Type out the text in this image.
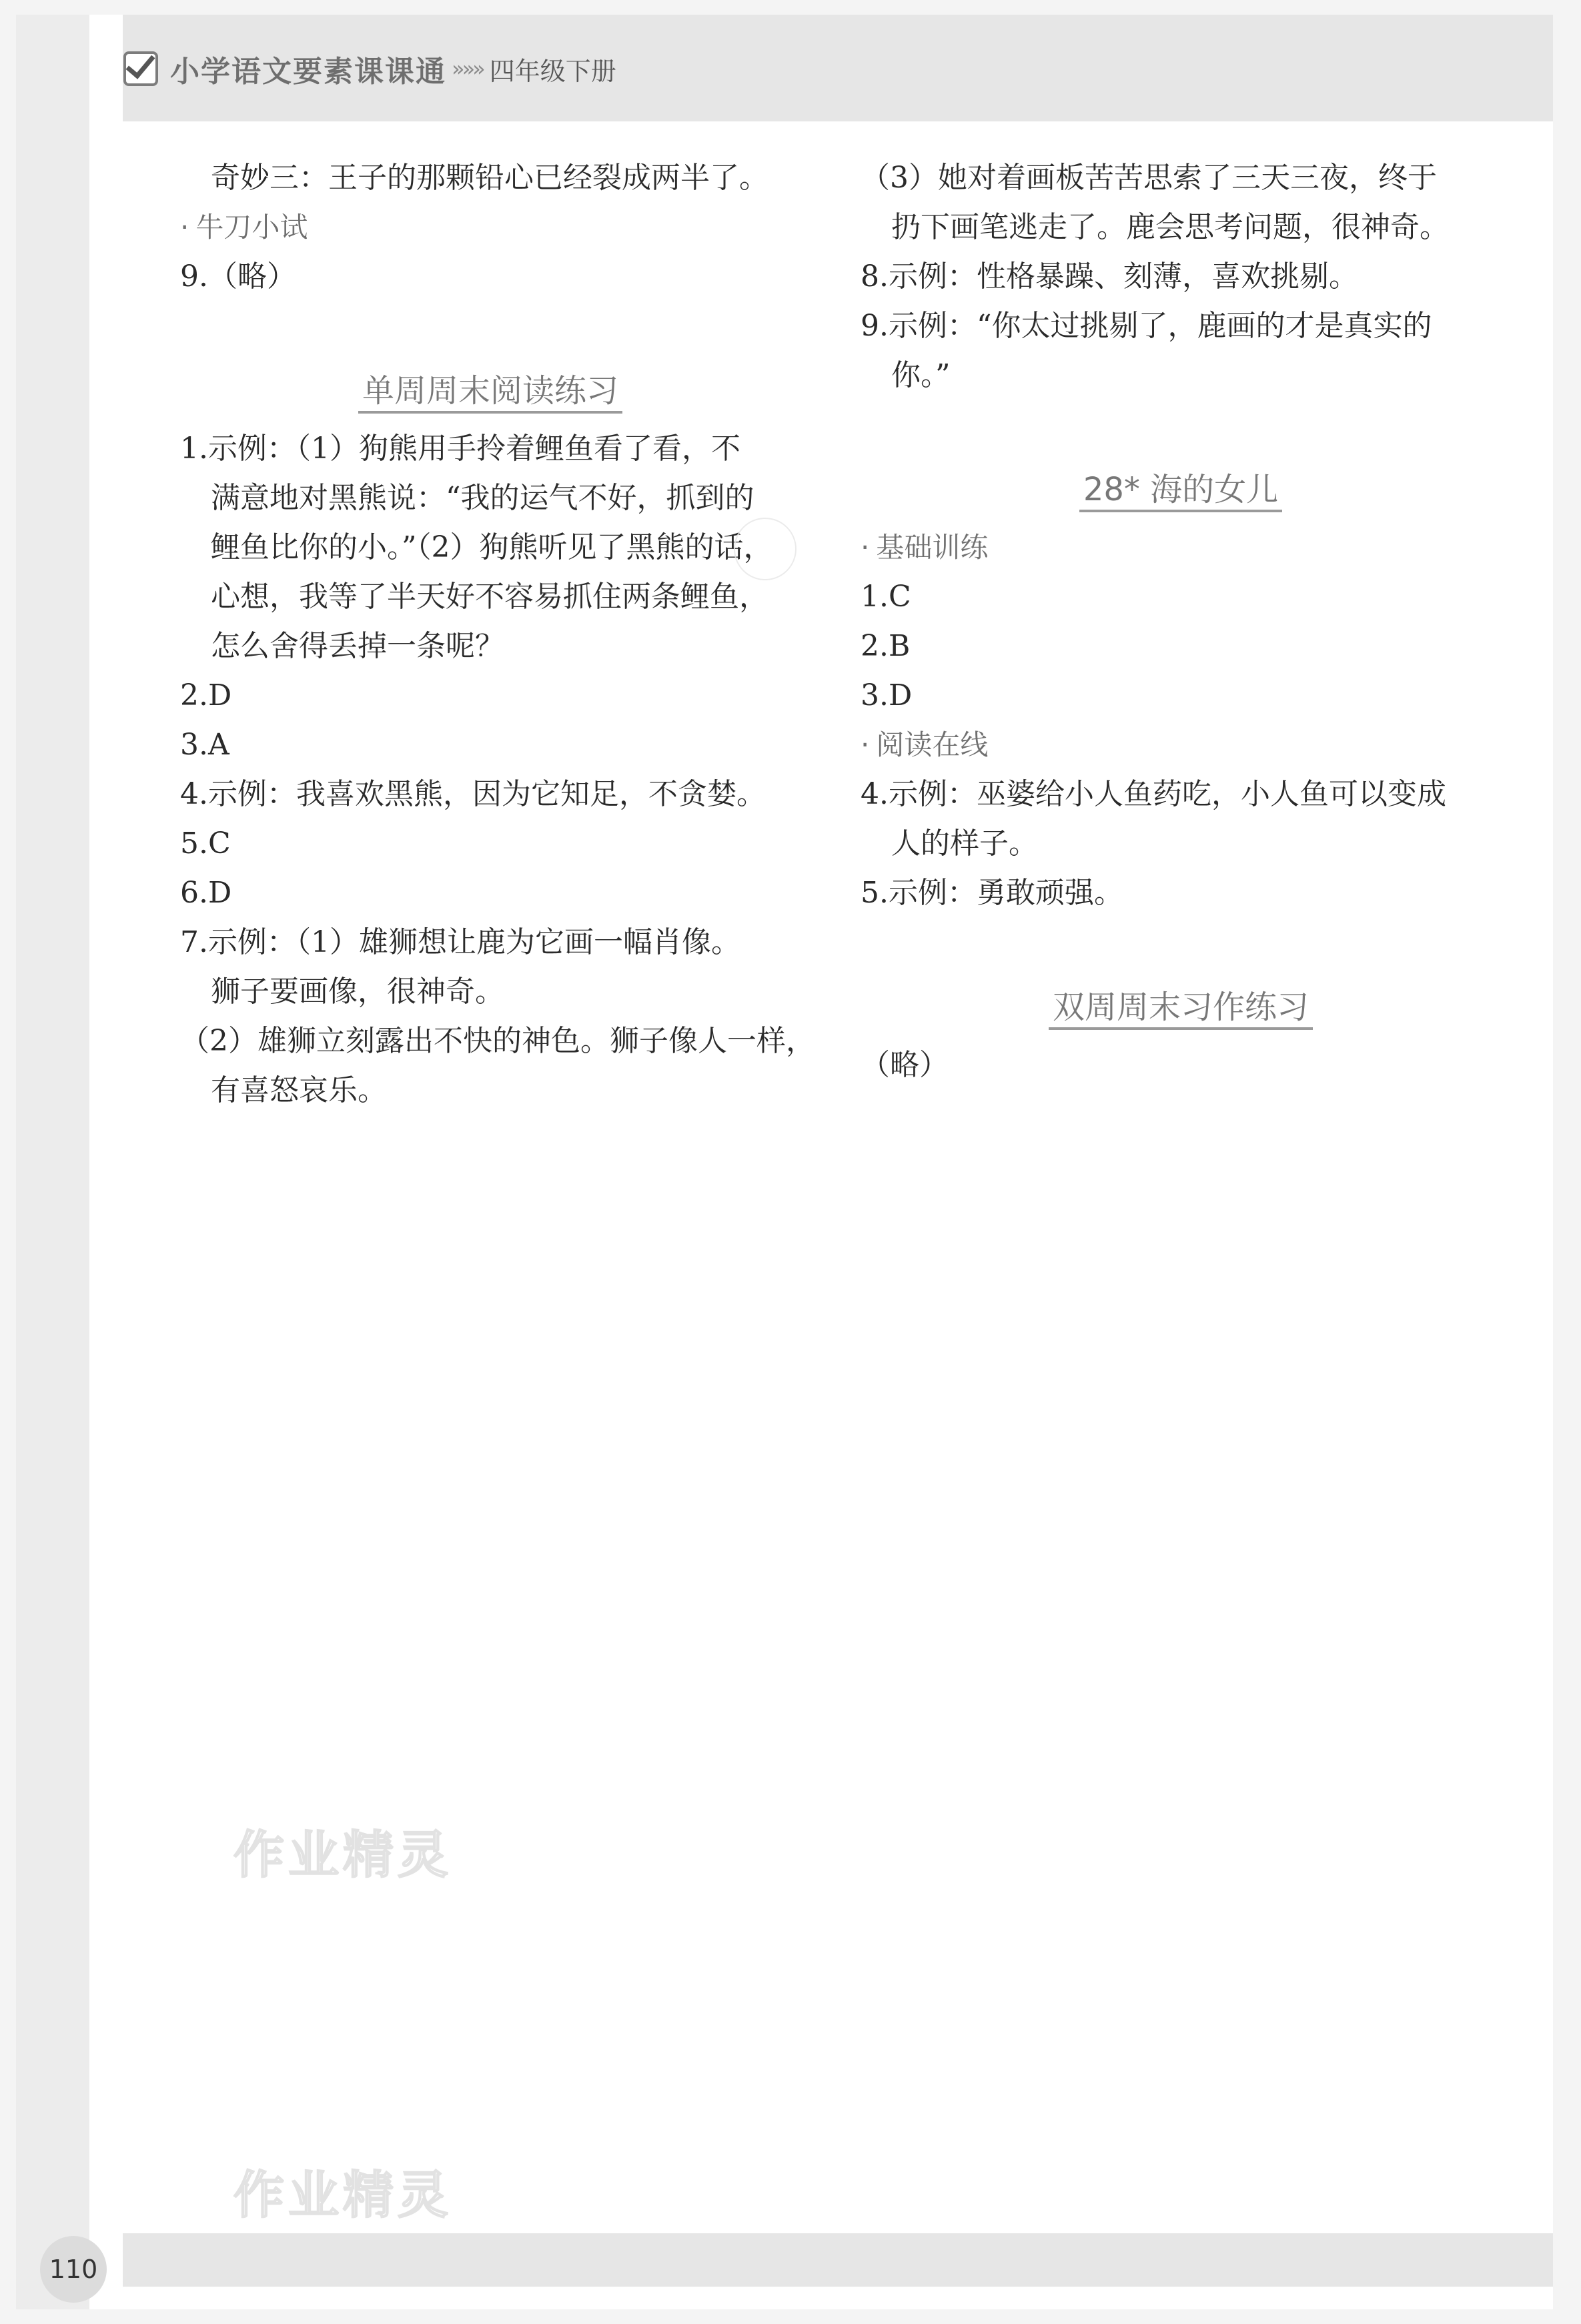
小学语文要素课课通 »»» 四年级下册
奇妙三：王子的那颗铅心已经裂成两半了。
· 牛刀小试
9.（略）
单周周末阅读练习
1.示例：（1）狗熊用手拎着鲤鱼看了看，不
满意地对黑熊说：“我的运气不好，抓到的
鲤鱼比你的小。”（2）狗熊听见了黑熊的话，
心想，我等了半天好不容易抓住两条鲤鱼，
怎么舍得丢掉一条呢？
2.D
3.A
4.示例：我喜欢黑熊，因为它知足，不贪婪。
5.C
6.D
7.示例：（1）雄狮想让鹿为它画一幅肖像。
狮子要画像，很神奇。
（2）雄狮立刻露出不快的神色。狮子像人一样，
有喜怒哀乐。
（3）她对着画板苦苦思索了三天三夜，终于
扔下画笔逃走了。鹿会思考问题，很神奇。
8.示例：性格暴躁、刻薄，喜欢挑剔。
9.示例：“你太过挑剔了，鹿画的才是真实的
你。”
28* 海的女儿
· 基础训练
1.C
2.B
3.D
· 阅读在线
4.示例：巫婆给小人鱼药吃，小人鱼可以变成
人的样子。
5.示例：勇敢顽强。
双周周末习作练习
（略）
作业精灵
作业精灵
110
